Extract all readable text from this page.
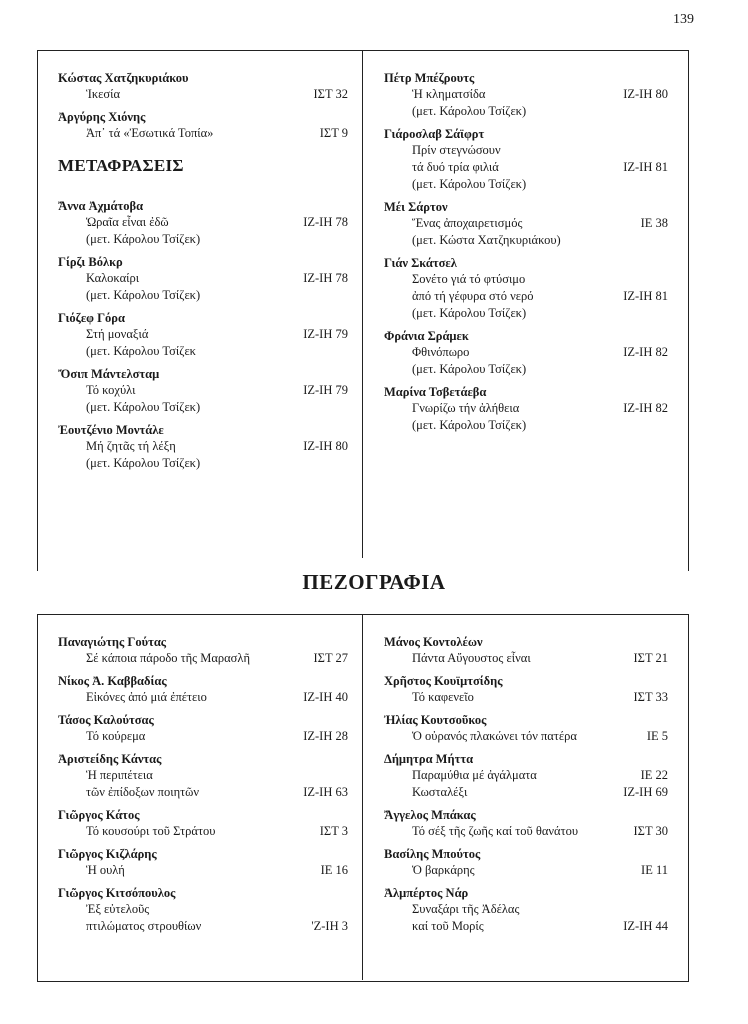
139
Κώστας Χατζηκυριάκου
Ἱκεσία	ΙΣΤ 32
Ἀργύρης Χιόνης
Ἀπ᾽ τά «Ἐσωτικά Τοπία»	ΙΣΤ 9
ΜΕΤΑΦΡΑΣΕΙΣ
Ἄννα Ἀχμάτοβα
Ὡραῖα εἶναι ἐδῶ	ΙΖ-ΙΗ 78
(μετ. Κάρολου Τσίζεκ)
Γίρζι Βόλκρ
Καλοκαίρι	ΙΖ-ΙΗ 78
(μετ. Κάρολου Τσίζεκ)
Γιόζεφ Γόρα
Στή μοναξιά	ΙΖ-ΙΗ 79
(μετ. Κάρολου Τσίζεκ
Ὄσιπ Μάντελσταμ
Τό κοχύλι	ΙΖ-ΙΗ 79
(μετ. Κάρολου Τσίζεκ)
Ἐουτζένιο Μοντάλε
Μή ζητᾶς τή λέξη	ΙΖ-ΙΗ 80
(μετ. Κάρολου Τσίζεκ)
Πέτρ Μπέζρουτς
Ἡ κληματσίδα	ΙΖ-ΙΗ 80
(μετ. Κάρολου Τσίζεκ)
Γιάροσλαβ Σάϊφρτ
Πρίν στεγνώσουν
τά δυό τρία φιλιά	ΙΖ-ΙΗ 81
(μετ. Κάρολου Τσίζεκ)
Μέι Σάρτον
Ἕνας ἀποχαιρετισμός	ΙΕ 38
(μετ. Κώστα Χατζηκυριάκου)
Γιάν Σκάτσελ
Σονέτο γιά τό φτύσιμο
ἀπό τή γέφυρα στό νερό	ΙΖ-ΙΗ 81
(μετ. Κάρολου Τσίζεκ)
Φράνια Σράμεκ
Φθινόπωρο	ΙΖ-ΙΗ 82
(μετ. Κάρολου Τσίζεκ)
Μαρίνα Τσβετάεβα
Γνωρίζω τήν ἀλήθεια	ΙΖ-ΙΗ 82
(μετ. Κάρολου Τσίζεκ)
ΠΕΖΟΓΡΑΦΙΑ
Παναγιώτης Γούτας
Σέ κάποια πάροδο τῆς Μαρασλῆ	ΙΣΤ 27
Νίκος Ἀ. Καββαδίας
Εἰκόνες ἀπό μιά ἐπέτειο	ΙΖ-ΙΗ 40
Τάσος Καλούτσας
Τό κούρεμα	ΙΖ-ΙΗ 28
Ἀριστείδης Κάντας
Ἡ περιπέτεια
τῶν ἐπίδοξων ποιητῶν	ΙΖ-ΙΗ 63
Γιῶργος Κάτος
Τό κουσούρι τοῦ Στράτου	ΙΣΤ 3
Γιῶργος Κιζλάρης
Ἡ ουλή	ΙΕ 16
Γιῶργος Κιτσόπουλος
Ἐξ εὐτελοῦς
πτιλώματος στρουθίων	'Ζ-ΙΗ 3
Μάνος Κοντολέων
Πάντα Αὔγουστος εἶναι	ΙΣΤ 21
Χρῆστος Κουϊμτσίδης
Τό καφενεῖο	ΙΣΤ 33
Ἠλίας Κουτσοῦκος
Ὁ οὐρανός πλακώνει τόν πατέρα	ΙΕ 5
Δήμητρα Μήττα
Παραμύθια μέ ἀγάλματα	ΙΕ 22
Κωσταλέξι	ΙΖ-ΙΗ 69
Ἄγγελος Μπάκας
Τό σέξ τῆς ζωῆς καί τοῦ θανάτου	ΙΣΤ 30
Βασίλης Μπούτος
Ὁ βαρκάρης	ΙΕ 11
Ἀλμπέρτος Νάρ
Συναξάρι τῆς Ἀδέλας
καί τοῦ Μορίς	ΙΖ-ΙΗ 44
